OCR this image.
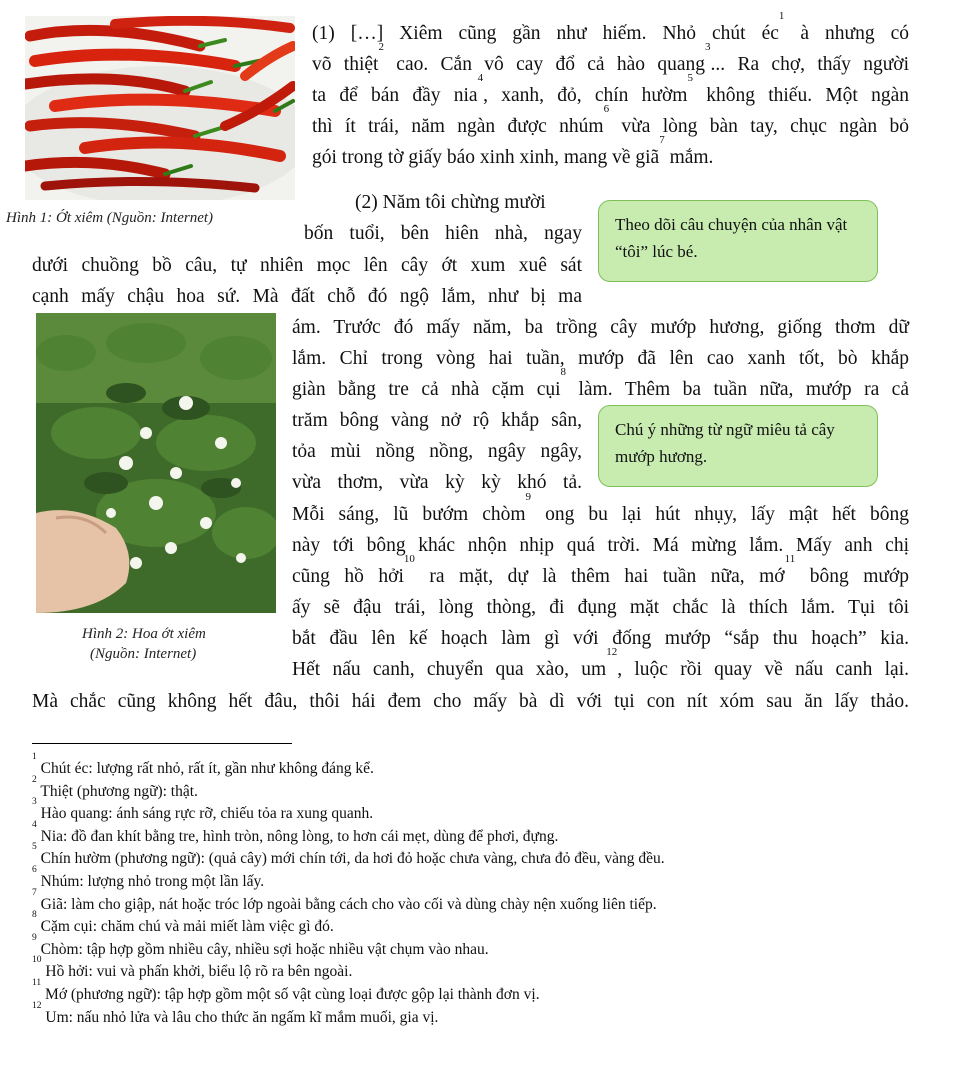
Hình 1: Ớt xiêm (Nguồn: Internet)
Hình 2: Hoa ớt xiêm
(Nguồn: Internet)
(1) […] Xiêm cũng gần như hiếm. Nhỏ chút $éc^1$ à nhưng có
võ thiệt$^2$ cao. Cắn vô cay đổ cả hào quang$^3$... Ra chợ, thấy người
ta để bán đầy nia$^4$, xanh, đỏ, chín hườm$^5$ không thiếu. Một ngàn
thì ít trái, năm ngàn được nhúm$^6$ vừa lòng bàn tay, chục ngàn bỏ
gói trong tờ giấy báo xinh xinh, mang về giã$^7$ mắm.
(2) Năm tôi chừng mười
bốn tuổi, bên hiên nhà, ngay
dưới chuồng bồ câu, tự nhiên mọc lên cây ớt xum xuê sát
cạnh mấy chậu hoa sứ. Mà đất chỗ đó ngộ lắm, như bị ma
ám. Trước đó mấy năm, ba trồng cây mướp hương, giống thơm dữ
lắm. Chỉ trong vòng hai tuần, mướp đã lên cao xanh tốt, bò khắp
giàn bằng tre cả nhà cặm cụi$^8$ làm. Thêm ba tuần nữa, mướp ra cả
trăm bông vàng nở rộ khắp sân,
tỏa mùi nồng nồng, ngây ngây,
vừa thơm, vừa kỳ kỳ khó tả.
Mỗi sáng, lũ bướm chòm$^9$ ong bu lại hút nhụy, lấy mật hết bông
này tới bông khác nhộn nhịp quá trời. Má mừng lắm. Mấy anh chị
cũng hồ hởi$^{10}$ ra mặt, dự là thêm hai tuần nữa, mớ$^{11}$ bông mướp
ấy sẽ đậu trái, lòng thòng, đi đụng mặt chắc là thích lắm. Tụi tôi
bắt đầu lên kế hoạch làm gì với đống mướp “sắp thu hoạch” kia.
Hết nấu canh, chuyển qua xào, $um^{12}$, luộc rồi quay về nấu canh lại.
Mà chắc cũng không hết đâu, thôi hái đem cho mấy bà dì với tụi con nít xóm sau ăn lấy thảo.
Theo dõi câu chuyện của nhân vật “tôi” lúc bé.
Chú ý những từ ngữ miêu tả cây mướp hương.
$^1$ Chút éc: lượng rất nhỏ, rất ít, gần như không đáng kể.
$^2$ Thiệt (phương ngữ): thật.
$^3$ Hào quang: ánh sáng rực rỡ, chiếu tỏa ra xung quanh.
$^4$ Nia: đồ đan khít bằng tre, hình tròn, nông lòng, to hơn cái mẹt, dùng để phơi, đựng.
$^5$ Chín hườm (phương ngữ): (quả cây) mới chín tới, da hơi đỏ hoặc chưa vàng, chưa đỏ đều, vàng đều.
$^6$ Nhúm: lượng nhỏ trong một lần lấy.
$^7$ Giã: làm cho giập, nát hoặc tróc lớp ngoài bằng cách cho vào cối và dùng chày nện xuống liên tiếp.
$^8$ Cặm cụi: chăm chú và mải miết làm việc gì đó.
$^9$ Chòm: tập hợp gồm nhiều cây, nhiều sợi hoặc nhiều vật chụm vào nhau.
$^{10}$ Hồ hởi: vui và phấn khởi, biểu lộ rõ ra bên ngoài.
$^{11}$ Mớ (phương ngữ): tập hợp gồm một số vật cùng loại được gộp lại thành đơn vị.
$^{12}$ Um: nấu nhỏ lửa và lâu cho thức ăn ngấm kĩ mắm muối, gia vị.
